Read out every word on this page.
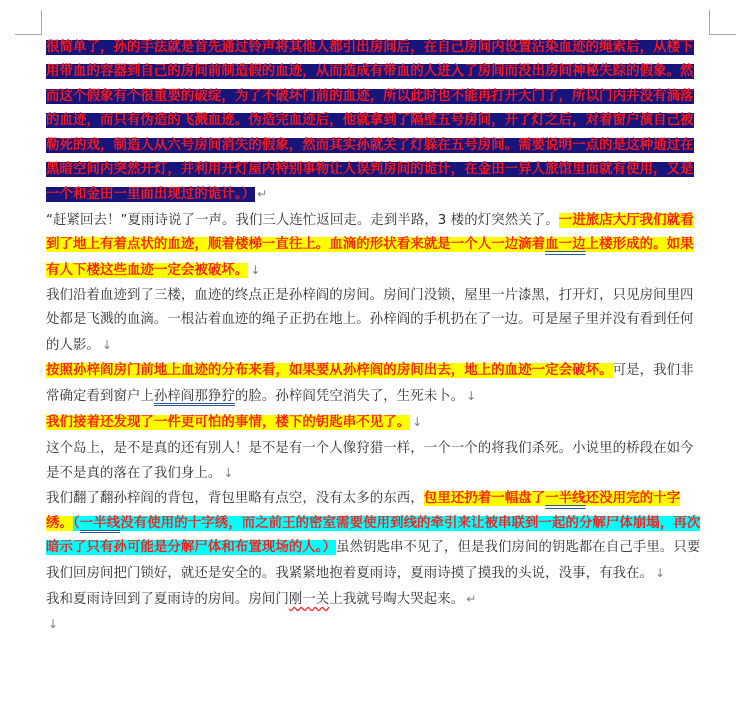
很简单了，孙的手法就是首先通过铃声将其他人都引出房间后，在自己房间内设置沾染血迹的绳索后，从楼下用带血的容器到自己的房间前制造假的血迹，从而造成有带血的人进入了房间而没出房间神秘失踪的假象。然而这个假象有个很重要的破绽，为了不破坏门前的血迹，所以此时也不能再打开大门了，所以门内并没有滴落的血迹，而只有伪造的飞溅血迹。伪造完血迹后，他就拿到了隔壁五号房间，开了灯之后，对着窗户演自己被勒死的戏，制造人从六号房间消失的假象，然而其实孙就关了灯躲在五号房间。需要说明一点的是这种通过在黑暗空间内突然开灯，并利用开灯屋内特别事物让人误判房间的诡计，在金田一异人旅馆里面就有使用，又是一个和金田一里面出现过的诡计。） ↵

“赶紧回去！”夏雨诗说了一声。我们三人连忙返回走。走到半路，3 楼的灯突然关了。一进旅店大厅我们就看到了地上有着点状的血迹，顺着楼梯一直往上。血滴的形状看来就是一个人一边滴着血一边上楼形成的。如果有人下楼这些血迹一定会被破坏。 ↓

我们沿着血迹到了三楼，血迹的终点正是孙梓阎的房间。房间门没锁，屋里一片漆黑，打开灯，只见房间里四处都是飞溅的血滴。一根沾着血迹的绳子正扔在地上。孙梓阎的手机扔在了一边。可是屋子里并没有看到任何的人影。 ↓

按照孙梓阎房门前地上血迹的分布来看，如果要从孙梓阎的房间出去，地上的血迹一定会破坏。可是，我们非常确定看到窗户上孙梓阎那狰狞的脸。孙梓阎凭空消失了，生死未卜。 ↓

我们接着还发现了一件更可怕的事情，楼下的钥匙串不见了。 ↓

这个岛上，是不是真的还有别人！是不是有一个人像狩猎一样，一个一个的将我们杀死。小说里的桥段在如今是不是真的落在了我们身上。 ↓

我们翻了翻孙梓阎的背包，背包里略有点空，没有太多的东西，包里还扔着一幅盘了一半线还没用完的十字绣。（一半线没有使用的十字绣，而之前王的密室需要使用到线的牵引来让被串联到一起的分解尸体崩塌，再次暗示了只有孙可能是分解尸体和布置现场的人。）虽然钥匙串不见了，但是我们房间的钥匙都在自己手里。只要我们回房间把门锁好，就还是安全的。我紧紧地抱着夏雨诗，夏雨诗摸了摸我的头说，没事，有我在。 ↓

我和夏雨诗回到了夏雨诗的房间。房间门刚一关上我就号啕大哭起来。 ↵

↓
